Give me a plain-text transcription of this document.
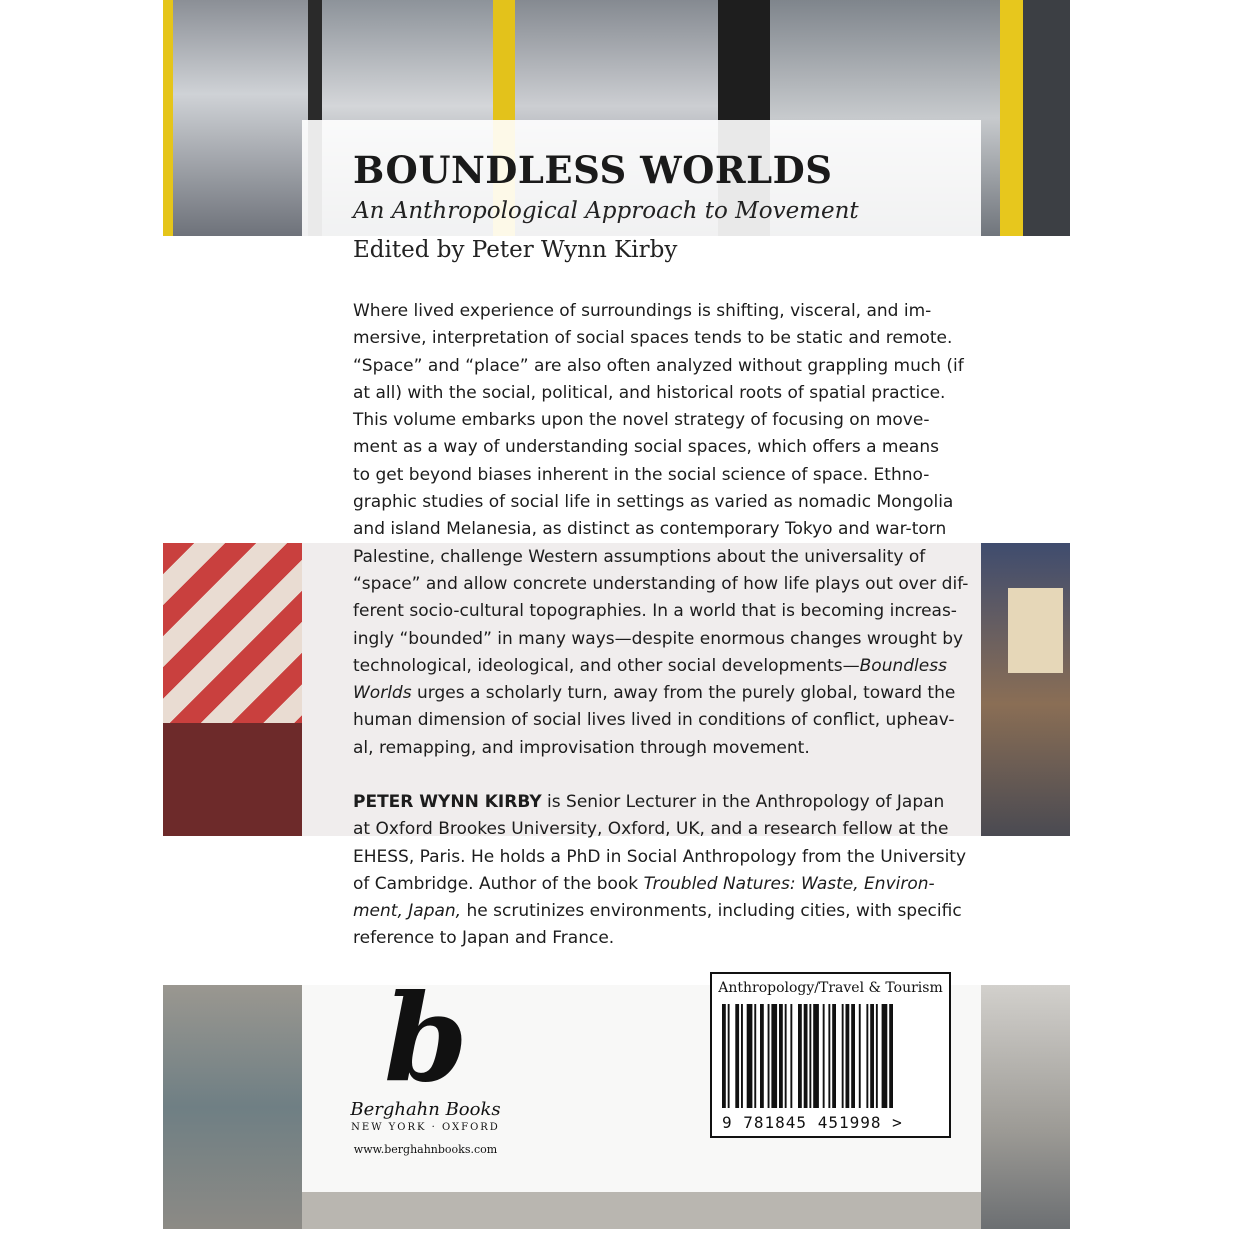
BOUNDLESS WORLDS
An Anthropological Approach to Movement
Edited by Peter Wynn Kirby
Where lived experience of surroundings is shifting, visceral, and im-
mersive, interpretation of social spaces tends to be static and remote.
“Space” and “place” are also often analyzed without grappling much (if
at all) with the social, political, and historical roots of spatial practice.
This volume embarks upon the novel strategy of focusing on move-
ment as a way of understanding social spaces, which offers a means
to get beyond biases inherent in the social science of space. Ethno-
graphic studies of social life in settings as varied as nomadic Mongolia
and island Melanesia, as distinct as contemporary Tokyo and war-torn
Palestine, challenge Western assumptions about the universality of
“space” and allow concrete understanding of how life plays out over dif-
ferent socio-cultural topographies. In a world that is becoming increas-
ingly “bounded” in many ways—despite enormous changes wrought by
technological, ideological, and other social developments—Boundless
Worlds urges a scholarly turn, away from the purely global, toward the
human dimension of social lives lived in conditions of conflict, upheav-
al, remapping, and improvisation through movement.
PETER WYNN KIRBY is Senior Lecturer in the Anthropology of Japan
at Oxford Brookes University, Oxford, UK, and a research fellow at the
EHESS, Paris. He holds a PhD in Social Anthropology from the University
of Cambridge. Author of the book Troubled Natures: Waste, Environ-
ment, Japan, he scrutinizes environments, including cities, with specific
reference to Japan and France.
b
Berghahn Books
NEW YORK · OXFORD
www.berghahnbooks.com
Anthropology/Travel & Tourism
9 781845 451998 >
